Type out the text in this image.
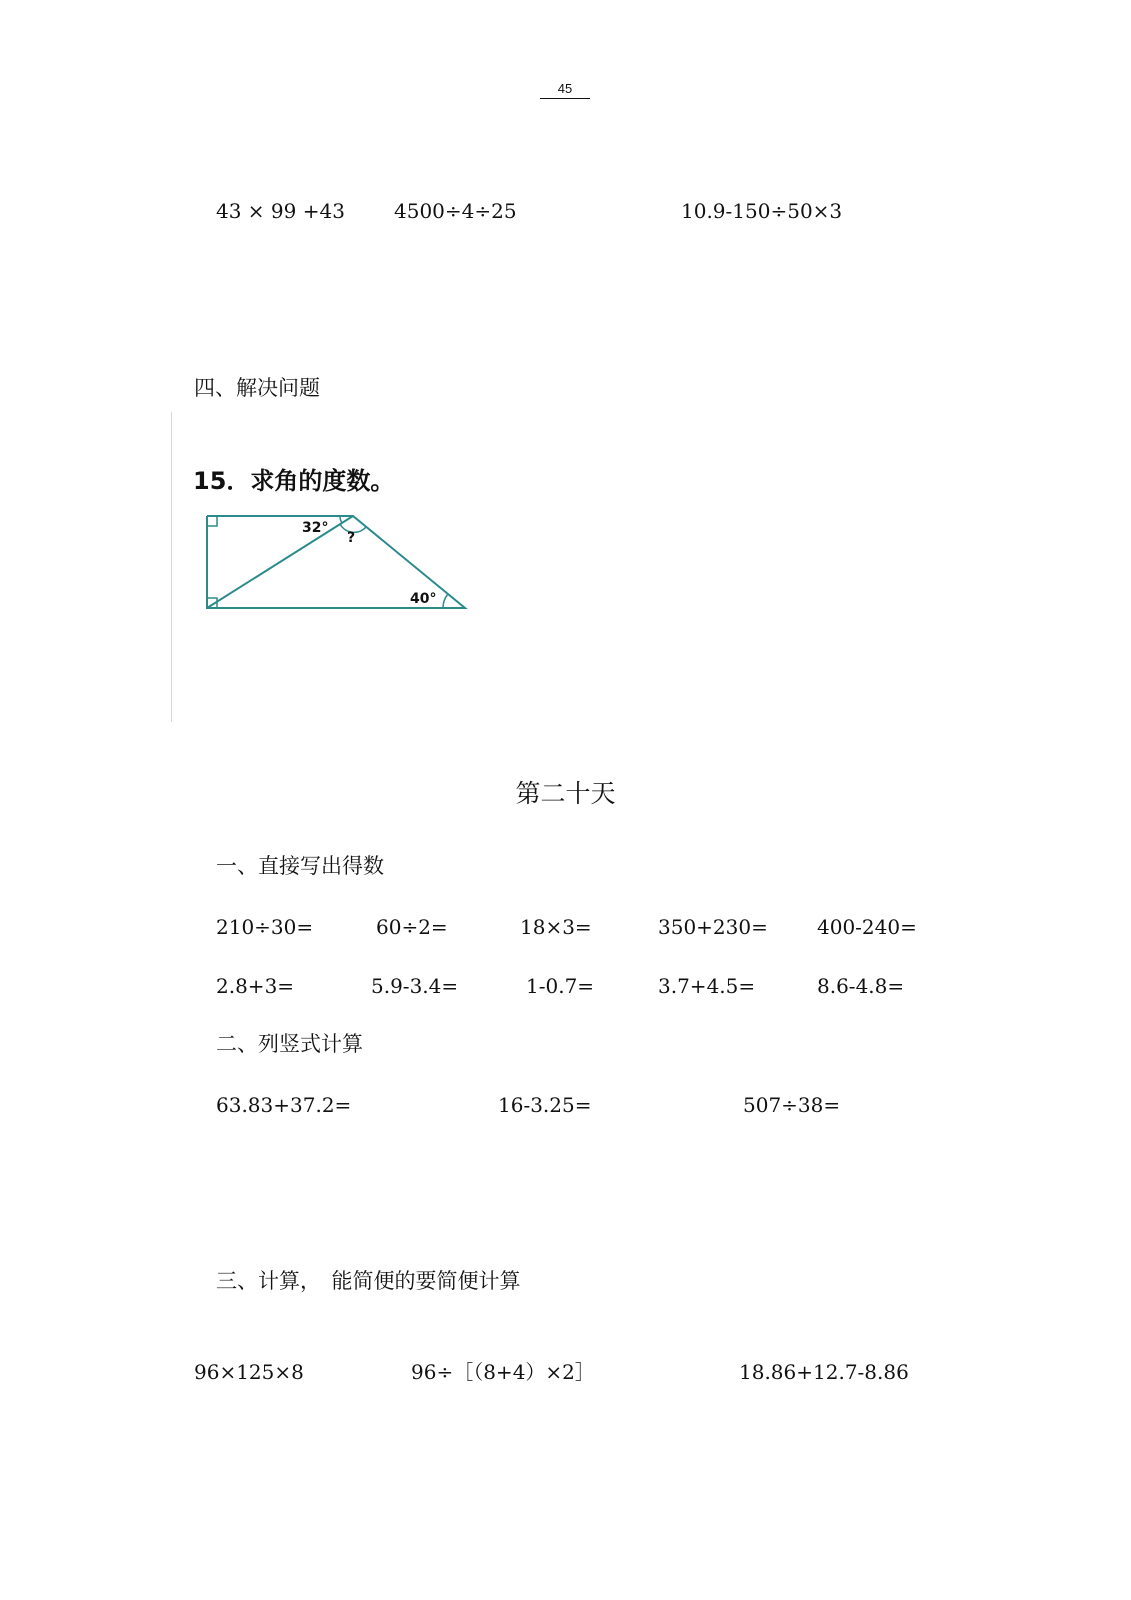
45
43 × 99 +43 4500÷4÷25	10.9-150÷50×3
四、解决问题
15．求角的度数。
32°
?
40°
第二十天
一、直接写出得数
210÷30=	60÷2=	18×3=	350+230= 400-240=
2.8+3=	5.9-3.4=	1-0.7=	3.7+4.5=	8.6-4.8=
二、列竖式计算
63.83+37.2=	16-3.25=	507÷38=
三、计算，　能简便的要简便计算
96×125×8	96÷［（8+4）×2］	18.86+12.7-8.86
